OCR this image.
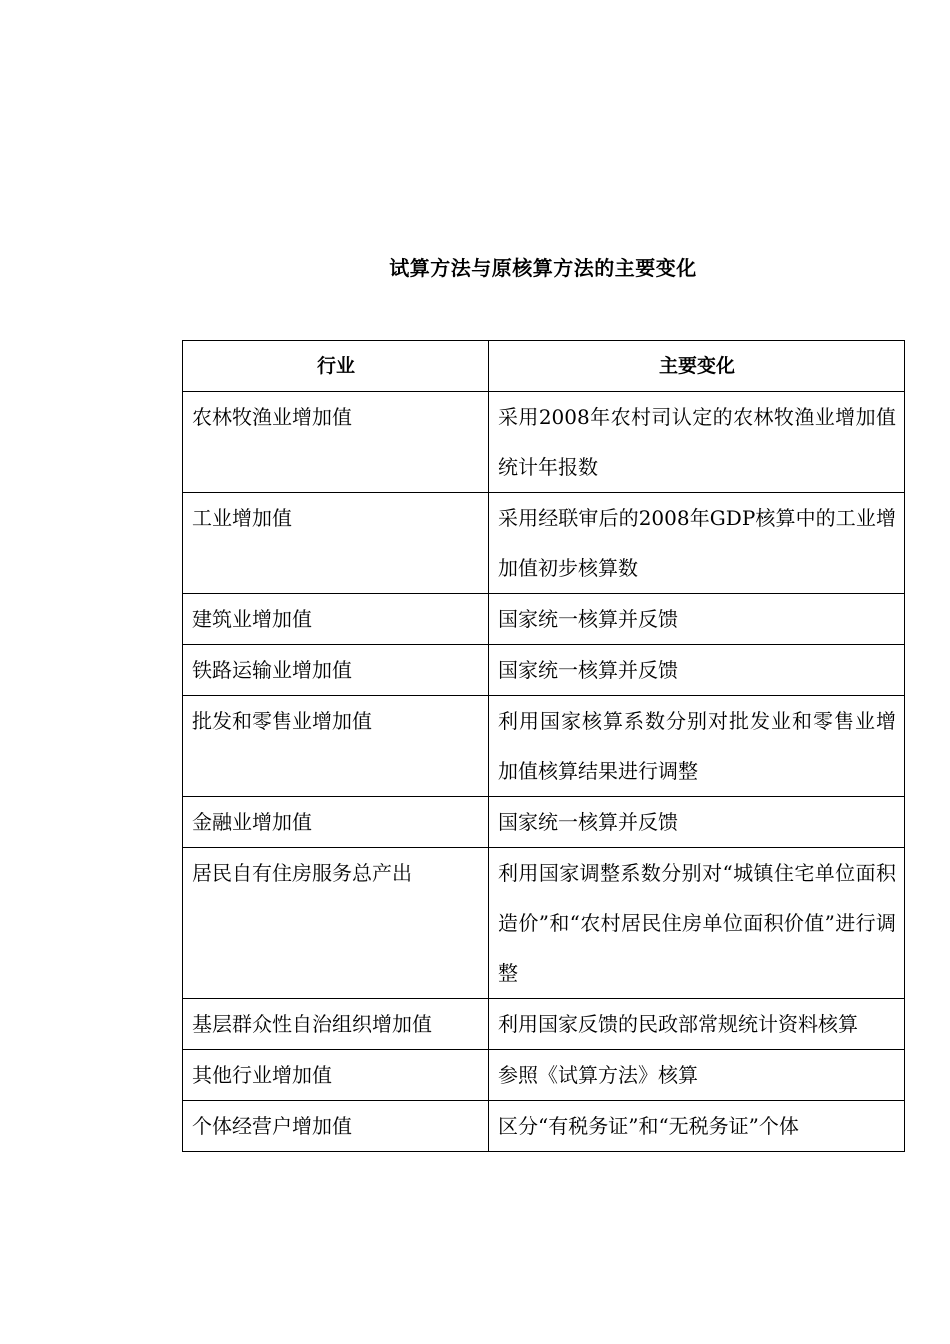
试算方法与原核算方法的主要变化
行业	主要变化
农林牧渔业增加值	采用2008年农村司认定的农林牧渔业增加值统计年报数
工业增加值	采用经联审后的2008年GDP核算中的工业增加值初步核算数
建筑业增加值	国家统一核算并反馈
铁路运输业增加值	国家统一核算并反馈
批发和零售业增加值	利用国家核算系数分别对批发业和零售业增加值核算结果进行调整
金融业增加值	国家统一核算并反馈
居民自有住房服务总产出	利用国家调整系数分别对“城镇住宅单位面积造价”和“农村居民住房单位面积价值”进行调整
基层群众性自治组织增加值	利用国家反馈的民政部常规统计资料核算
其他行业增加值	参照《试算方法》核算
个体经营户增加值	区分“有税务证”和“无税务证”个体
